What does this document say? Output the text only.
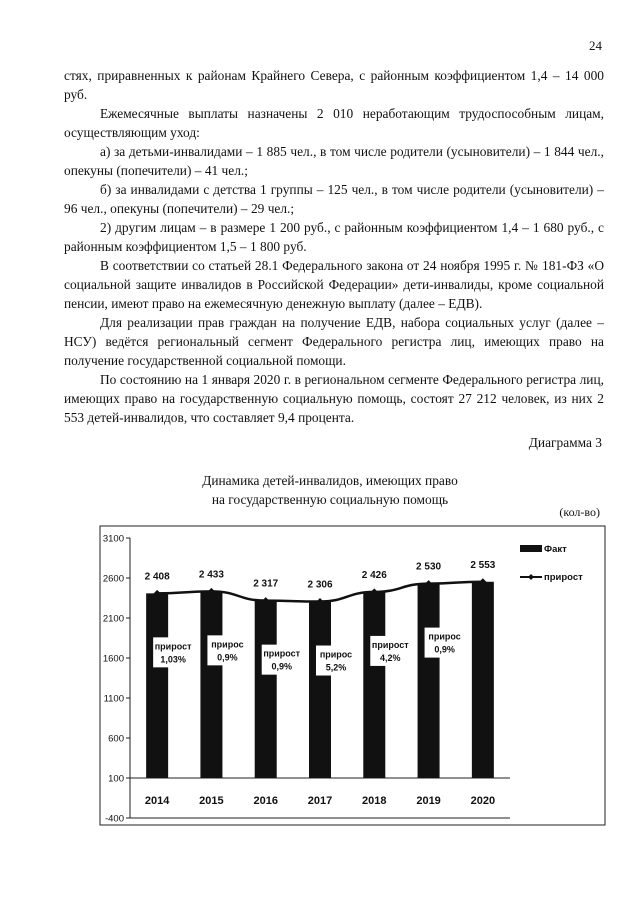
24

стях, приравненных к районам Крайнего Севера, с районным коэффициентом 1,4 – 14 000 руб.

Ежемесячные выплаты назначены 2 010 неработающим трудоспособным лицам, осуществляющим уход:

а) за детьми-инвалидами – 1 885 чел., в том числе родители (усыновители) – 1 844 чел., опекуны (попечители) – 41 чел.;

б) за инвалидами с детства 1 группы – 125 чел., в том числе родители (усыновители) – 96 чел., опекуны (попечители) – 29 чел.;

2) другим лицам – в размере 1 200 руб., с районным коэффициентом 1,4 – 1 680 руб., с районным коэффициентом 1,5 – 1 800 руб.

В соответствии со статьей 28.1 Федерального закона от 24 ноября 1995 г. № 181-ФЗ «О социальной защите инвалидов в Российской Федерации» дети-инвалиды, кроме социальной пенсии, имеют право на ежемесячную денежную выплату (далее – ЕДВ).

Для реализации прав граждан на получение ЕДВ, набора социальных услуг (далее – НСУ) ведётся региональный сегмент Федерального регистра лиц, имеющих право на получение государственной социальной помощи.

По состоянию на 1 января 2020 г. в региональном сегменте Федерального регистра лиц, имеющих право на государственную социальную помощь, состоят 27 212 человек, из них 2 553 детей-инвалидов, что составляет 9,4 процента.

Диаграмма 3
Динамика детей-инвалидов, имеющих право
на государственную социальную помощь
(кол-во)
3100
2600
2100
1600
1100
600
100
-400
2 408
2014
2 433
2015
2 317
2016
2 306
2017
2 426
2018
2 530
2019
2 553
2020
прирост
1,03%
прирос
0,9%	прирост
0,9%
прирос
5,2%
прирост
4,2%
прирос
0,9%
Факт
прирост
